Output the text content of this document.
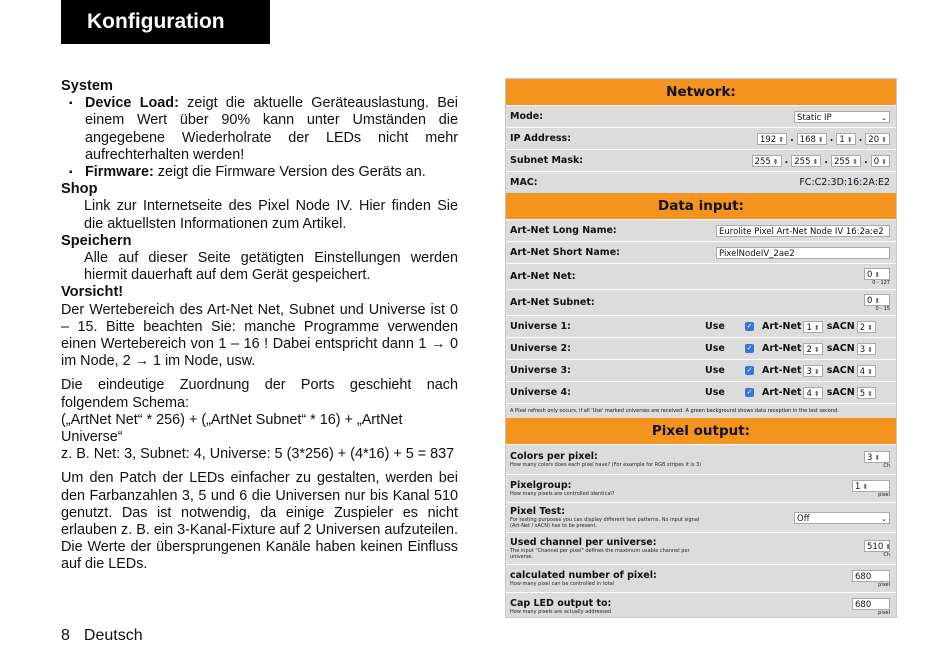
Konfiguration
System
▪ Device Load: zeigt die aktuelle Geräteauslastung. Bei einem Wert über 90% kann unter Umständen die angegebene Wiederholrate der LEDs nicht mehr aufrechterhalten werden!
▪ Firmware: zeigt die Firmware Version des Geräts an.
Shop
Link zur Internetseite des Pixel Node IV. Hier finden Sie die aktuellsten Informationen zum Artikel.
Speichern
Alle auf dieser Seite getätigten Einstellungen werden hiermit dauerhaft auf dem Gerät gespeichert.
Vorsicht!
Der Wertebereich des Art-Net Net, Subnet und Universe ist 0 – 15. Bitte beachten Sie: manche Programme verwenden einen Wertebereich von 1 – 16 ! Dabei entspricht dann 1 → 0 im Node, 2 → 1 im Node, usw.
Die eindeutige Zuordnung der Ports geschieht nach folgendem Schema:
(„ArtNet Net“ * 256) + („ArtNet Subnet“ * 16) + „ArtNet Universe“
z. B. Net: 3, Subnet: 4, Universe: 5 (3*256) + (4*16) + 5 = 837
Um den Patch der LEDs einfacher zu gestalten, werden bei den Farbanzahlen 3, 5 und 6 die Universen nur bis Kanal 510 genutzt. Das ist notwendig, da einige Zuspieler es nicht erlauben z. B. ein 3-Kanal-Fixture auf 2 Universen aufzuteilen. Die Werte der übersprungenen Kanäle haben keinen Einfluss auf die LEDs.
8 Deutsch
Network:
Mode:	Static IP	⌄
IP Address:	192 ⬍	. 168 ⬍	. 1 ⬍	. 20 ⬍
Subnet Mask:	255 ⬍	. 255 ⬍	. 255 ⬍	. 0 ⬍
MAC:	FC:C2:3D:16:2A:E2
Data input:
Art-Net Long Name:	Eurolite Pixel Art-Net Node IV 16:2a:e2
Art-Net Short Name:	PixelNodeIV_2ae2
Art-Net Net:	0 ⬍
0 - 127
Art-Net Subnet:	0 ⬍
0 - 15
Universe 1:	Use	✓ Art-Net 1 ⬍	sACN 2 ⬍
Universe 2:	Use	✓ Art-Net 2 ⬍	sACN 3 ⬍
Universe 3:	Use	✓ Art-Net 3 ⬍	sACN 4 ⬍
Universe 4:	Use	✓ Art-Net 4 ⬍	sACN 5 ⬍
A Pixel refresh only occurs, if all 'Use' marked universes are received. A green background shows data reception in the last second.
Pixel output:
Colors per pixel:
How many colors does each pixel have? (For example for RGB stripes it is 3)
3 ⬍
Ch
Pixelgroup:
How many pixels are controlled identical?
1 ⬍
pixel
Pixel Test:
For testing purposes you can display different test patterns. No input signal (Art-Net / sACN) has to be present.
Off	⌄
Used channel per universe:
The input "Channel per pixel" defines the maximum usable channel per universe.
510 ⬍
Ch
calculated number of pixel:
How many pixel can be controlled in total
680
pixel
Cap LED output to:
How many pixels are actually addressed
680
pixel
